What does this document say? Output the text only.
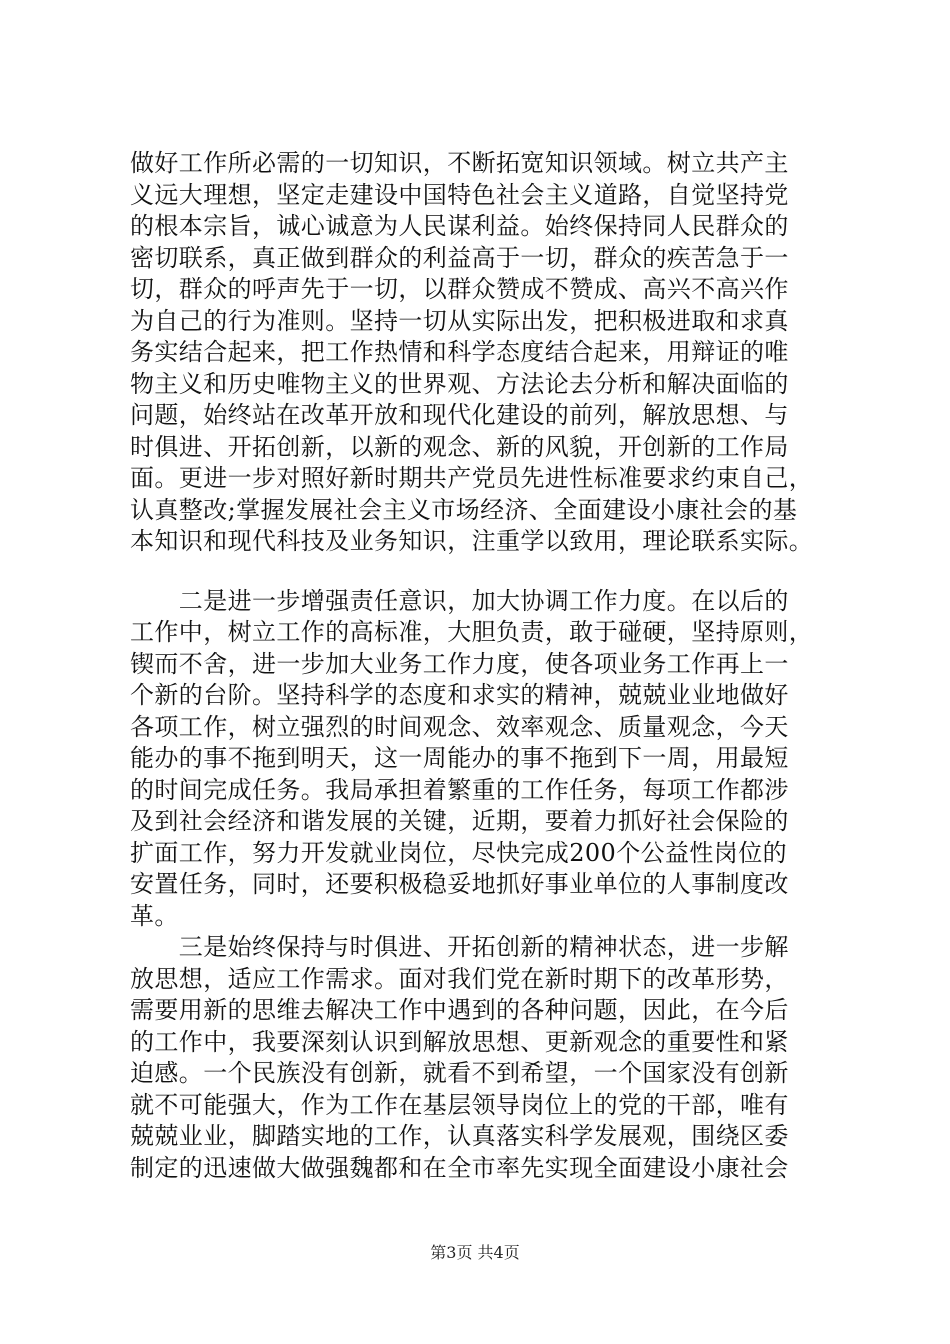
做好工作所必需的一切知识，不断拓宽知识领域。树立共产主
义远大理想，坚定走建设中国特色社会主义道路，自觉坚持党
的根本宗旨，诚心诚意为人民谋利益。始终保持同人民群众的
密切联系，真正做到群众的利益高于一切，群众的疾苦急于一
切，群众的呼声先于一切，以群众赞成不赞成、高兴不高兴作
为自己的行为准则。坚持一切从实际出发，把积极进取和求真
务实结合起来，把工作热情和科学态度结合起来，用辩证的唯
物主义和历史唯物主义的世界观、方法论去分析和解决面临的
问题，始终站在改革开放和现代化建设的前列，解放思想、与
时俱进、开拓创新，以新的观念、新的风貌，开创新的工作局
面。更进一步对照好新时期共产党员先进性标准要求约束自己，
认真整改;掌握发展社会主义市场经济、全面建设小康社会的基
本知识和现代科技及业务知识，注重学以致用，理论联系实际。
　　二是进一步增强责任意识，加大协调工作力度。在以后的
工作中，树立工作的高标准，大胆负责，敢于碰硬，坚持原则，
锲而不舍，进一步加大业务工作力度，使各项业务工作再上一
个新的台阶。坚持科学的态度和求实的精神，兢兢业业地做好
各项工作，树立强烈的时间观念、效率观念、质量观念，今天
能办的事不拖到明天，这一周能办的事不拖到下一周，用最短
的时间完成任务。我局承担着繁重的工作任务，每项工作都涉
及到社会经济和谐发展的关键，近期，要着力抓好社会保险的
扩面工作，努力开发就业岗位，尽快完成200个公益性岗位的
安置任务，同时，还要积极稳妥地抓好事业单位的人事制度改
革。
　　三是始终保持与时俱进、开拓创新的精神状态，进一步解
放思想，适应工作需求。面对我们党在新时期下的改革形势，
需要用新的思维去解决工作中遇到的各种问题，因此，在今后
的工作中，我要深刻认识到解放思想、更新观念的重要性和紧
迫感。一个民族没有创新，就看不到希望，一个国家没有创新
就不可能强大，作为工作在基层领导岗位上的党的干部，唯有
兢兢业业，脚踏实地的工作，认真落实科学发展观，围绕区委
制定的迅速做大做强魏都和在全市率先实现全面建设小康社会
第3页 共4页
